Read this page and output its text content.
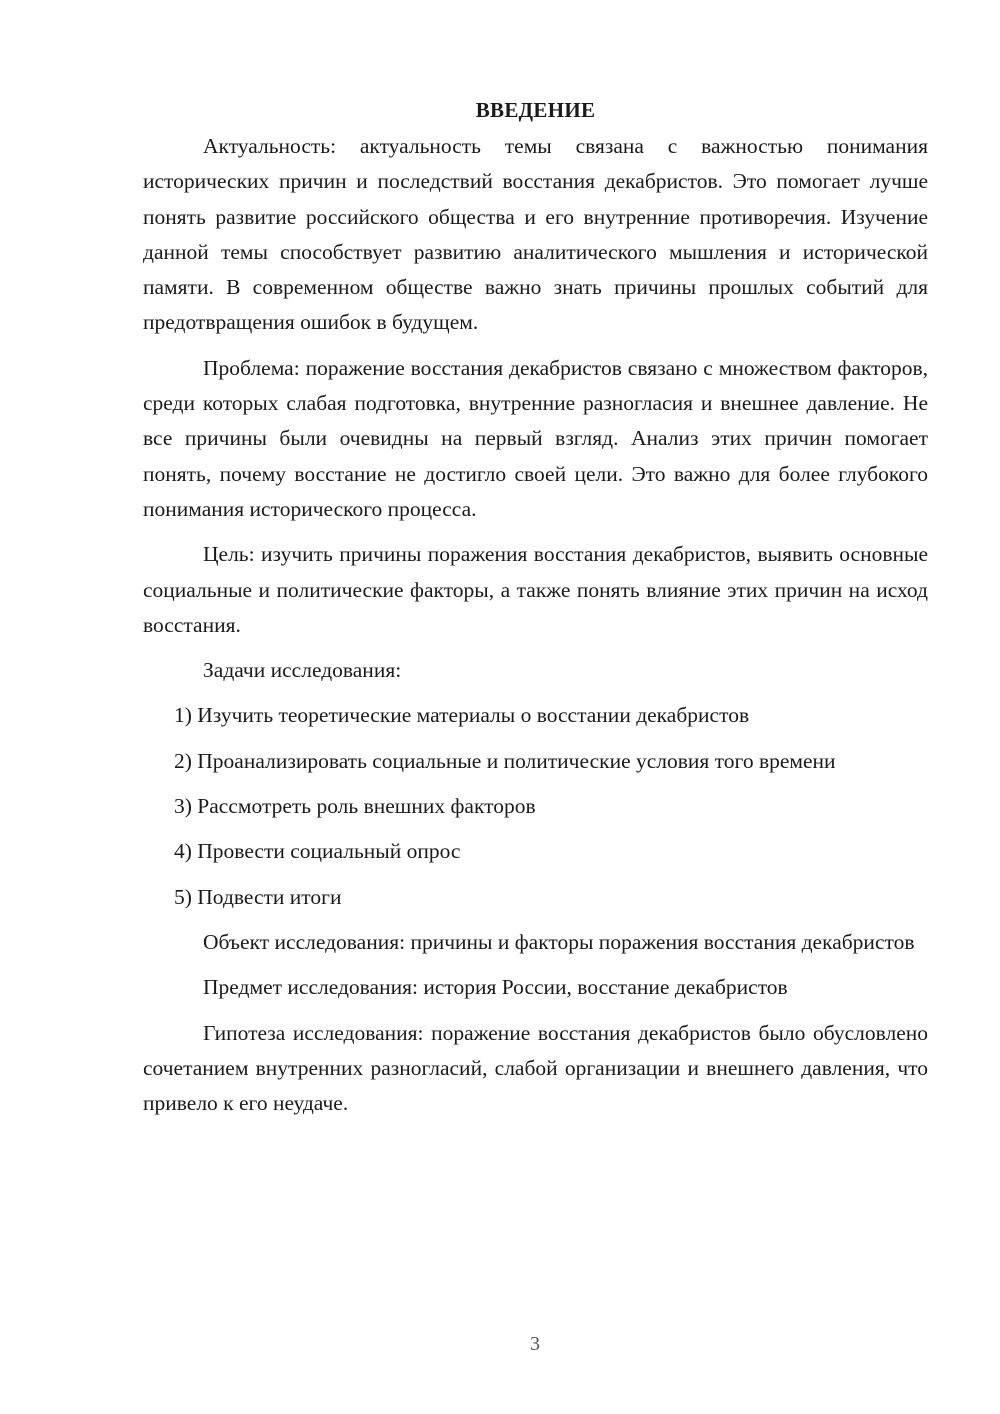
ВВЕДЕНИЕ

Актуальность: актуальность темы связана с важностью понимания исторических причин и последствий восстания декабристов. Это помогает лучше понять развитие российского общества и его внутренние противоречия. Изучение данной темы способствует развитию аналитического мышления и исторической памяти. В современном обществе важно знать причины прошлых событий для предотвращения ошибок в будущем.

Проблема: поражение восстания декабристов связано с множеством факторов, среди которых слабая подготовка, внутренние разногласия и внешнее давление. Не все причины были очевидны на первый взгляд. Анализ этих причин помогает понять, почему восстание не достигло своей цели. Это важно для более глубокого понимания исторического процесса.

Цель: изучить причины поражения восстания декабристов, выявить основные социальные и политические факторы, а также понять влияние этих причин на исход восстания.

Задачи исследования:

1) Изучить теоретические материалы о восстании декабристов

2) Проанализировать социальные и политические условия того времени

3) Рассмотреть роль внешних факторов

4) Провести социальный опрос

5) Подвести итоги

Объект исследования: причины и факторы поражения восстания декабристов

Предмет исследования: история России, восстание декабристов

Гипотеза исследования: поражение восстания декабристов было обусловлено сочетанием внутренних разногласий, слабой организации и внешнего давления, что привело к его неудаче.

3
